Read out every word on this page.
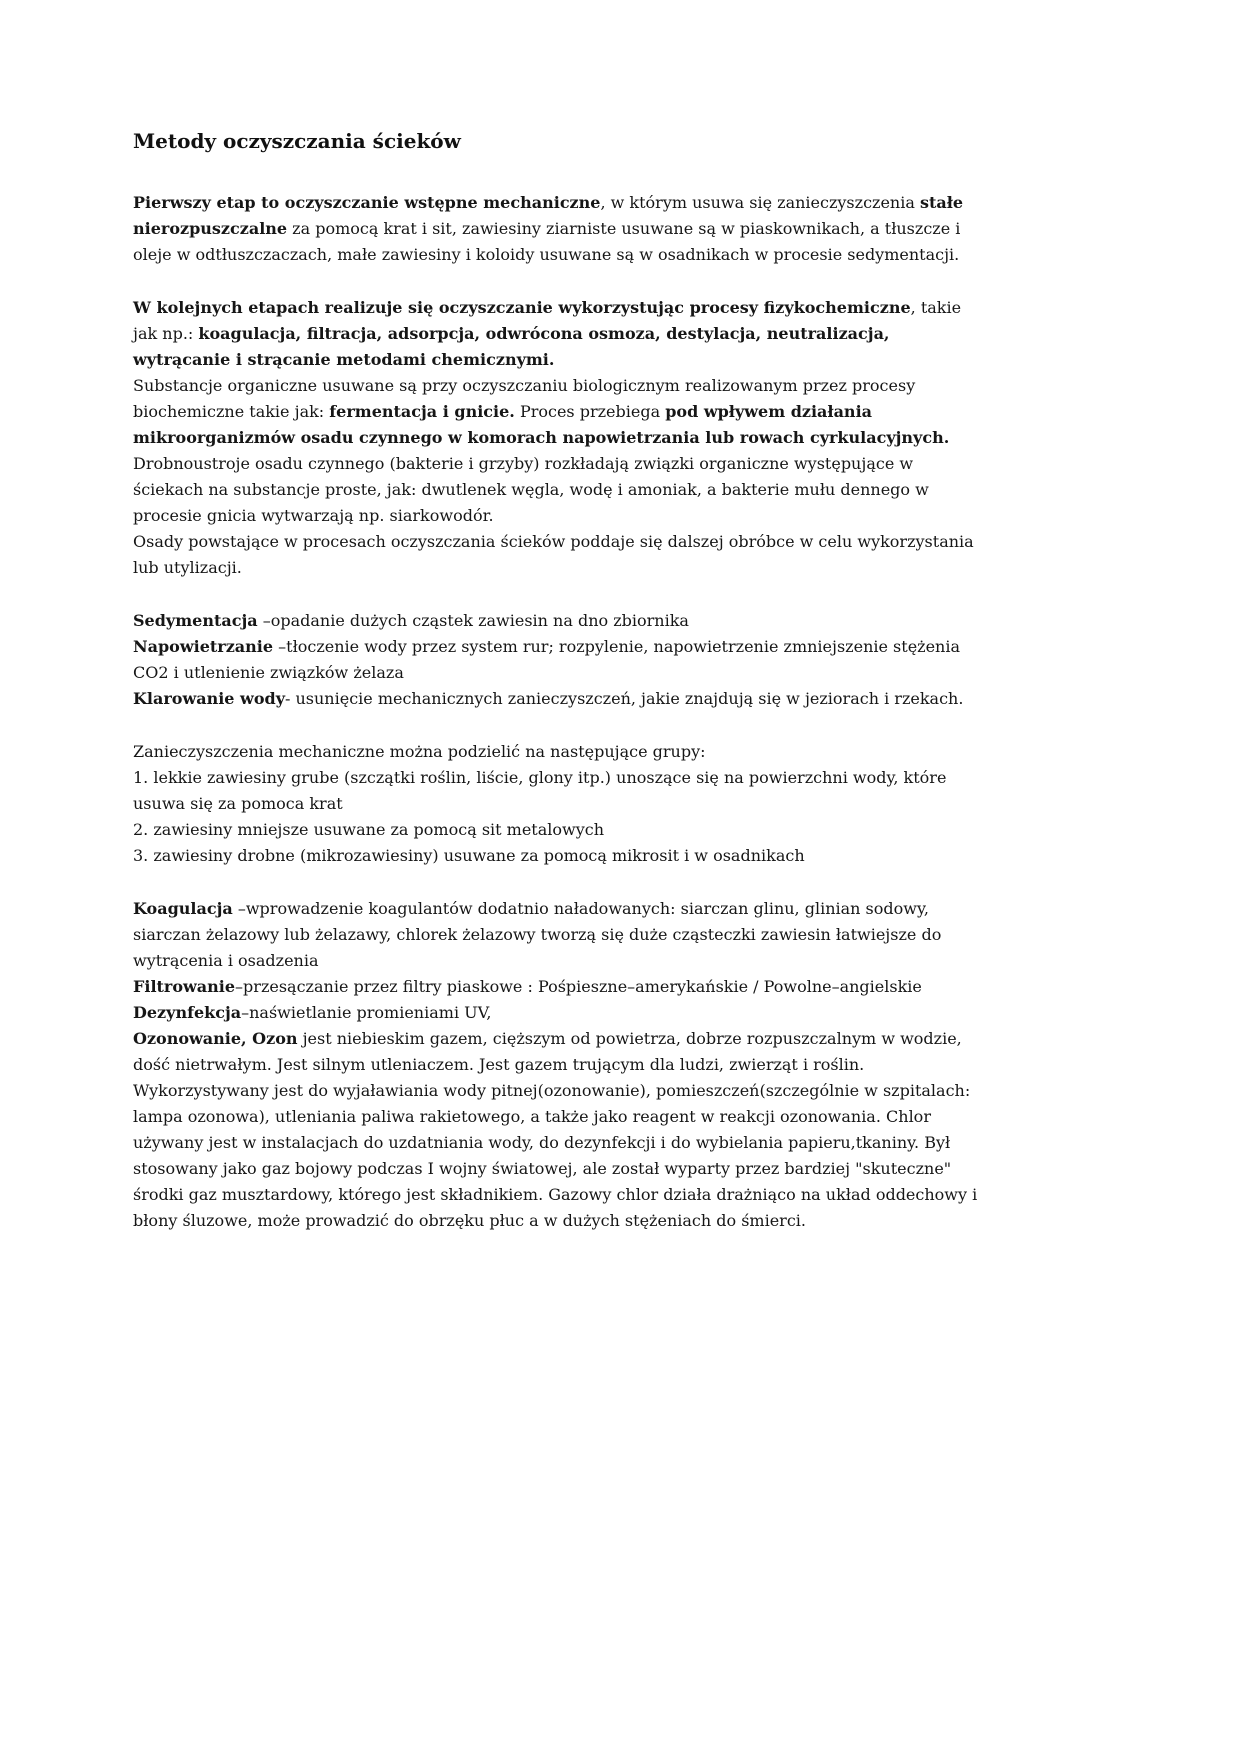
Metody oczyszczania ścieków

Pierwszy etap to oczyszczanie wstępne mechaniczne, w którym usuwa się zanieczyszczenia stałe nierozpuszczalne za pomocą krat i sit, zawiesiny ziarniste usuwane są w piaskownikach, a tłuszcze i oleje w odtłuszczaczach, małe zawiesiny i koloidy usuwane są w osadnikach w procesie sedymentacji.

W kolejnych etapach realizuje się oczyszczanie wykorzystując procesy fizykochemiczne, takie jak np.: koagulacja, filtracja, adsorpcja, odwrócona osmoza, destylacja, neutralizacja, wytrącanie i strącanie metodami chemicznymi.

Substancje organiczne usuwane są przy oczyszczaniu biologicznym realizowanym przez procesy biochemiczne takie jak: fermentacja i gnicie. Proces przebiega pod wpływem działania mikroorganizmów osadu czynnego w komorach napowietrzania lub rowach cyrkulacyjnych. Drobnoustroje osadu czynnego (bakterie i grzyby) rozkładają związki organiczne występujące w ściekach na substancje proste, jak: dwutlenek węgla, wodę i amoniak, a bakterie mułu dennego w procesie gnicia wytwarzają np. siarkowodór.

Osady powstające w procesach oczyszczania ścieków poddaje się dalszej obróbce w celu wykorzystania lub utylizacji.

Sedymentacja –opadanie dużych cząstek zawiesin na dno zbiornika

Napowietrzanie –tłoczenie wody przez system rur; rozpylenie, napowietrzenie zmniejszenie stężenia CO2 i utlenienie związków żelaza

Klarowanie wody- usunięcie mechanicznych zanieczyszczeń, jakie znajdują się w jeziorach i rzekach.

Zanieczyszczenia mechaniczne można podzielić na następujące grupy:

1. lekkie zawiesiny grube (szczątki roślin, liście, glony itp.) unoszące się na powierzchni wody, które usuwa się za pomoca krat

2. zawiesiny mniejsze usuwane za pomocą sit metalowych

3. zawiesiny drobne (mikrozawiesiny) usuwane za pomocą mikrosit i w osadnikach

Koagulacja –wprowadzenie koagulantów dodatnio naładowanych: siarczan glinu, glinian sodowy, siarczan żelazowy lub żelazawy, chlorek żelazowy tworzą się duże cząsteczki zawiesin łatwiejsze do wytrącenia i osadzenia

Filtrowanie–przesączanie przez filtry piaskowe : Pośpieszne–amerykańskie / Powolne–angielskie

Dezynfekcja–naświetlanie promieniami UV,

Ozonowanie, Ozon jest niebieskim gazem, cięższym od powietrza, dobrze rozpuszczalnym w wodzie, dość nietrwałym. Jest silnym utleniaczem. Jest gazem trującym dla ludzi, zwierząt i roślin. Wykorzystywany jest do wyjaławiania wody pitnej(ozonowanie), pomieszczeń(szczególnie w szpitalach: lampa ozonowa), utleniania paliwa rakietowego, a także jako reagent w reakcji ozonowania. Chlor używany jest w instalacjach do uzdatniania wody, do dezynfekcji i do wybielania papieru,tkaniny. Był stosowany jako gaz bojowy podczas I wojny światowej, ale został wyparty przez bardziej "skuteczne" środki gaz musztardowy, którego jest składnikiem. Gazowy chlor działa drażniąco na układ oddechowy i błony śluzowe, może prowadzić do obrzęku płuc a w dużych stężeniach do śmierci.
